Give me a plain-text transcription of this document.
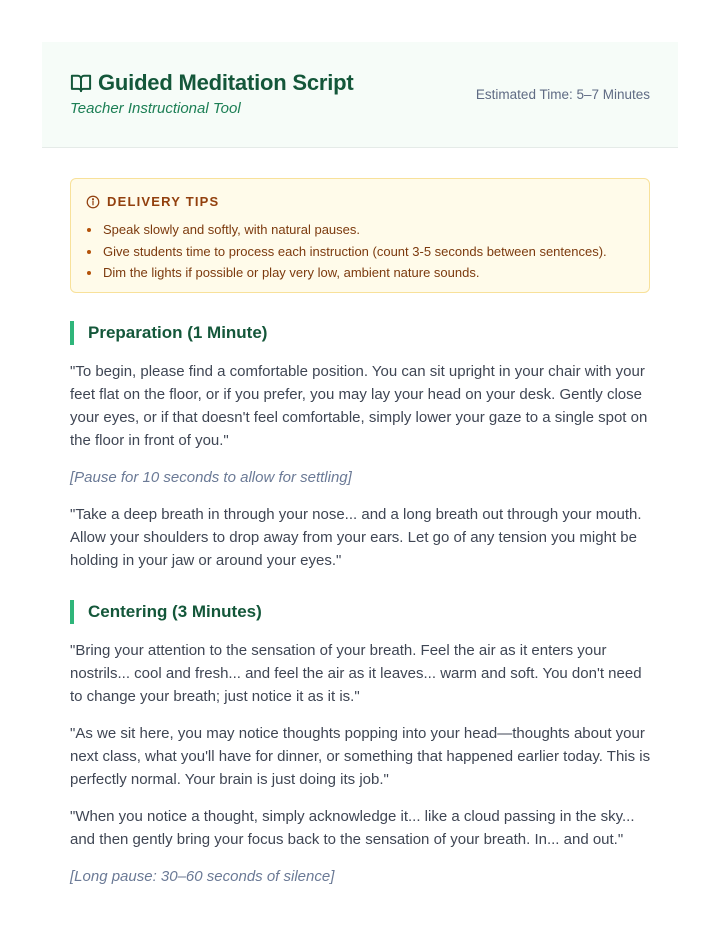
Guided Meditation Script
Teacher Instructional Tool
Estimated Time: 5–7 Minutes
DELIVERY TIPS
Speak slowly and softly, with natural pauses.
Give students time to process each instruction (count 3-5 seconds between sentences).
Dim the lights if possible or play very low, ambient nature sounds.
Preparation (1 Minute)

"To begin, please find a comfortable position. You can sit upright in your chair with your feet flat on the floor, or if you prefer, you may lay your head on your desk. Gently close your eyes, or if that doesn't feel comfortable, simply lower your gaze to a single spot on the floor in front of you."

[Pause for 10 seconds to allow for settling]

"Take a deep breath in through your nose... and a long breath out through your mouth. Allow your shoulders to drop away from your ears. Let go of any tension you might be holding in your jaw or around your eyes."

Centering (3 Minutes)

"Bring your attention to the sensation of your breath. Feel the air as it enters your nostrils... cool and fresh... and feel the air as it leaves... warm and soft. You don't need to change your breath; just notice it as it is."

"As we sit here, you may notice thoughts popping into your head—thoughts about your next class, what you'll have for dinner, or something that happened earlier today. This is perfectly normal. Your brain is just doing its job."

"When you notice a thought, simply acknowledge it... like a cloud passing in the sky... and then gently bring your focus back to the sensation of your breath. In... and out."

[Long pause: 30–60 seconds of silence]
